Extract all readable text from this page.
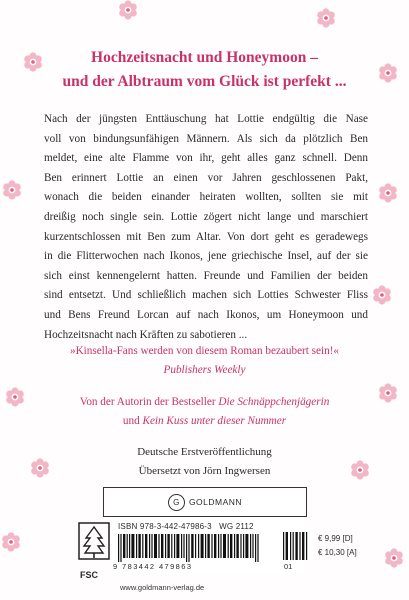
Hochzeitsnacht und Honeymoon –
und der Albtraum vom Glück ist perfekt ...
Nach der jüngsten Enttäuschung hat Lottie endgültig die Nase
voll von bindungsunfähigen Männern. Als sich da plötzlich Ben
meldet, eine alte Flamme von ihr, geht alles ganz schnell. Denn
Ben erinnert Lottie an einen vor Jahren geschlossenen Pakt,
wonach die beiden einander heiraten wollten, sollten sie mit
dreißig noch single sein. Lottie zögert nicht lange und marschiert
kurzentschlossen mit Ben zum Altar. Von dort geht es geradewegs
in die Flitterwochen nach Ikonos, jene griechische Insel, auf der sie
sich einst kennengelernt hatten. Freunde und Familien der beiden
sind entsetzt. Und schließlich machen sich Lotties Schwester Fliss
und Bens Freund Lorcan auf nach Ikonos, um Honeymoon und
Hochzeitsnacht nach Kräften zu sabotieren ...
»Kinsella-Fans werden von diesem Roman bezaubert sein!«
Publishers Weekly
Von der Autorin der Bestseller Die Schnäppchenjägerin
und Kein Kuss unter dieser Nummer
Deutsche Erstveröffentlichung
Übersetzt von Jörn Ingwersen
G	GOLDMANN
FSC
ISBN 978-3-442-47986-3 WG 2112
9 783442 479863	01
€ 9,99 [D]
€ 10,30 [A]
www.goldmann-verlag.de
